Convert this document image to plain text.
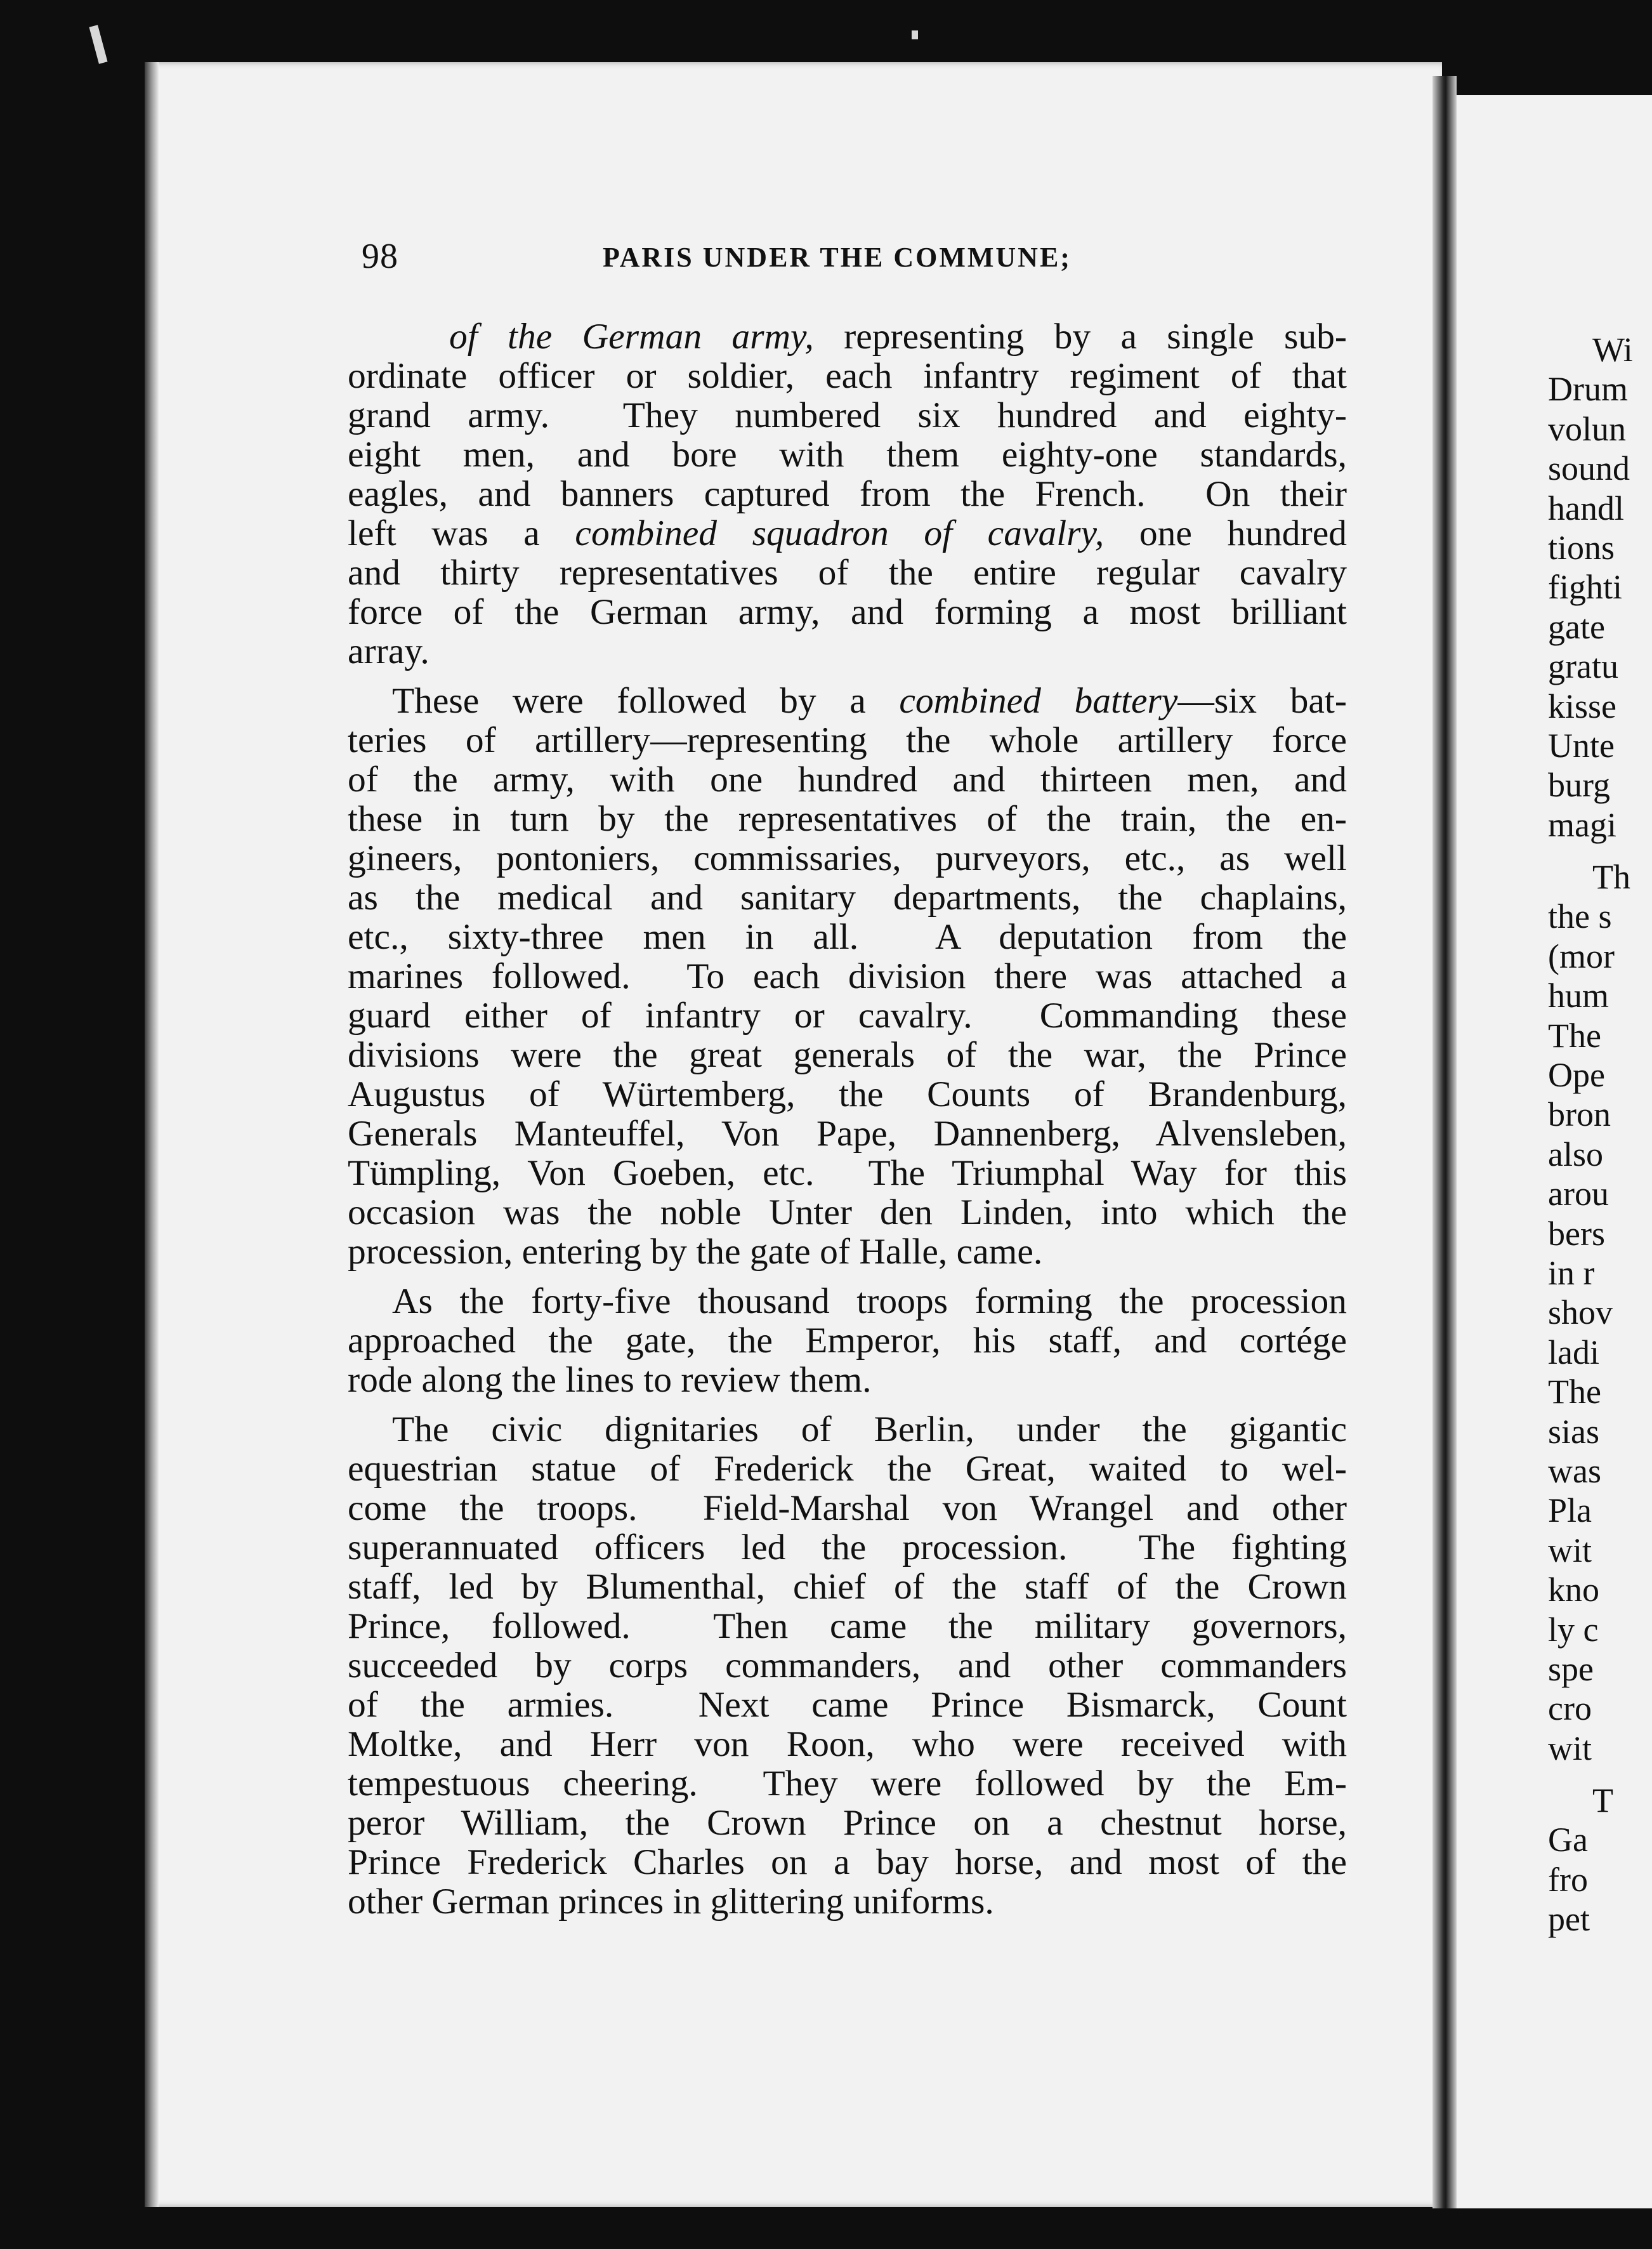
98	PARIS UNDER THE COMMUNE;
of the German army, representing by a single sub-
ordinate officer or soldier, each infantry regiment of that
grand army.  They numbered six hundred and eighty-
eight men, and bore with them eighty-one standards,
eagles, and banners captured from the French.  On their
left was a combined squadron of cavalry, one hundred
and thirty representatives of the entire regular cavalry
force of the German army, and forming a most brilliant
array.
These were followed by a combined battery—six bat-
teries of artillery—representing the whole artillery force
of the army, with one hundred and thirteen men, and
these in turn by the representatives of the train, the en-
gineers, pontoniers, commissaries, purveyors, etc., as well
as the medical and sanitary departments, the chaplains,
etc., sixty-three men in all.  A deputation from the
marines followed.  To each division there was attached a
guard either of infantry or cavalry.  Commanding these
divisions were the great generals of the war, the Prince
Augustus of Würtemberg, the Counts of Brandenburg,
Generals Manteuffel, Von Pape, Dannenberg, Alvensleben,
Tümpling, Von Goeben, etc.  The Triumphal Way for this
occasion was the noble Unter den Linden, into which the
procession, entering by the gate of Halle, came.
As the forty-five thousand troops forming the procession
approached the gate, the Emperor, his staff, and cortége
rode along the lines to review them.
The civic dignitaries of Berlin, under the gigantic
equestrian statue of Frederick the Great, waited to wel-
come the troops.  Field-Marshal von Wrangel and other
superannuated officers led the procession.  The fighting
staff, led by Blumenthal, chief of the staff of the Crown
Prince, followed.  Then came the military governors,
succeeded by corps commanders, and other commanders
of the armies.  Next came Prince Bismarck, Count
Moltke, and Herr von Roon, who were received with
tempestuous cheering.  They were followed by the Em-
peror William, the Crown Prince on a chestnut horse,
Prince Frederick Charles on a bay horse, and most of the
other German princes in glittering uniforms.
Wi
Drum
volun
sound
handl
tions
fighti
gate
gratu
kisse
Unte
burg
magi
Th
the s
(mor
hum
The
Ope
bron
also
arou
bers
in r
shov
ladi
The
sias
was
Pla
wit
kno
ly c
spe
cro
wit
T
Ga
fro
pet
